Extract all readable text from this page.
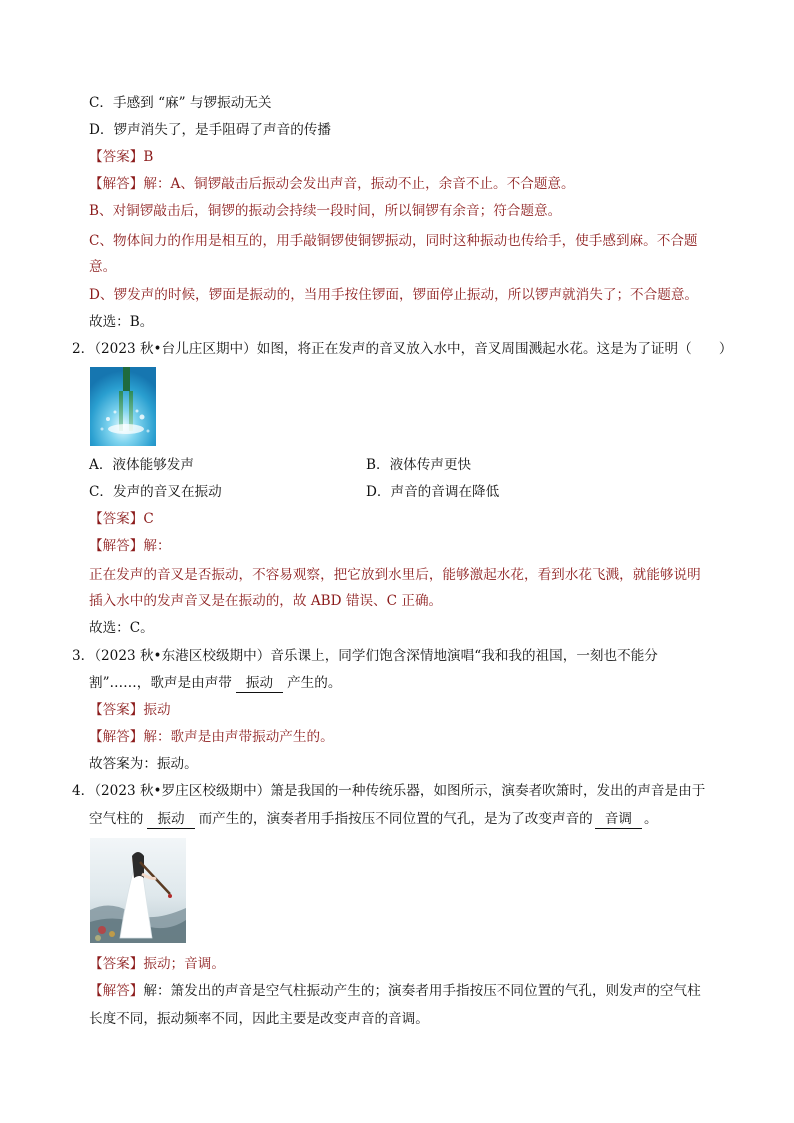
C．手感到 “麻” 与锣振动无关
D．锣声消失了，是手阻碍了声音的传播
【答案】B
【解答】解：A、铜锣敲击后振动会发出声音，振动不止，余音不止。不合题意。
B、对铜锣敲击后，铜锣的振动会持续一段时间，所以铜锣有余音；符合题意。
C、物体间力的作用是相互的，用手敲铜锣使铜锣振动，同时这种振动也传给手，使手感到麻。不合题
意。
D、锣发声的时候，锣面是振动的，当用手按住锣面，锣面停止振动，所以锣声就消失了；不合题意。
故选：B。
2．（2023 秋•台儿庄区期中）如图，将正在发声的音叉放入水中，音叉周围溅起水花。这是为了证明（　　）
A．液体能够发声	B．液体传声更快
C．发声的音叉在振动	D．声音的音调在降低
【答案】C
【解答】解：
正在发声的音叉是否振动，不容易观察，把它放到水里后，能够激起水花，看到水花飞溅，就能够说明
插入水中的发声音叉是在振动的，故 ABD 错误、C 正确。
故选：C。
3．（2023 秋•东港区校级期中）音乐课上，同学们饱含深情地演唱“我和我的祖国，一刻也不能分
割”……，歌声是由声带 振动 产生的。
【答案】振动
【解答】解：歌声是由声带振动产生的。
故答案为：振动。
4．（2023 秋•罗庄区校级期中）箫是我国的一种传统乐器，如图所示，演奏者吹箫时，发出的声音是由于
空气柱的 振动 而产生的，演奏者用手指按压不同位置的气孔，是为了改变声音的 音调 。
【答案】振动；音调。
【解答】解：箫发出的声音是空气柱振动产生的；演奏者用手指按压不同位置的气孔，则发声的空气柱
长度不同，振动频率不同，因此主要是改变声音的音调。
